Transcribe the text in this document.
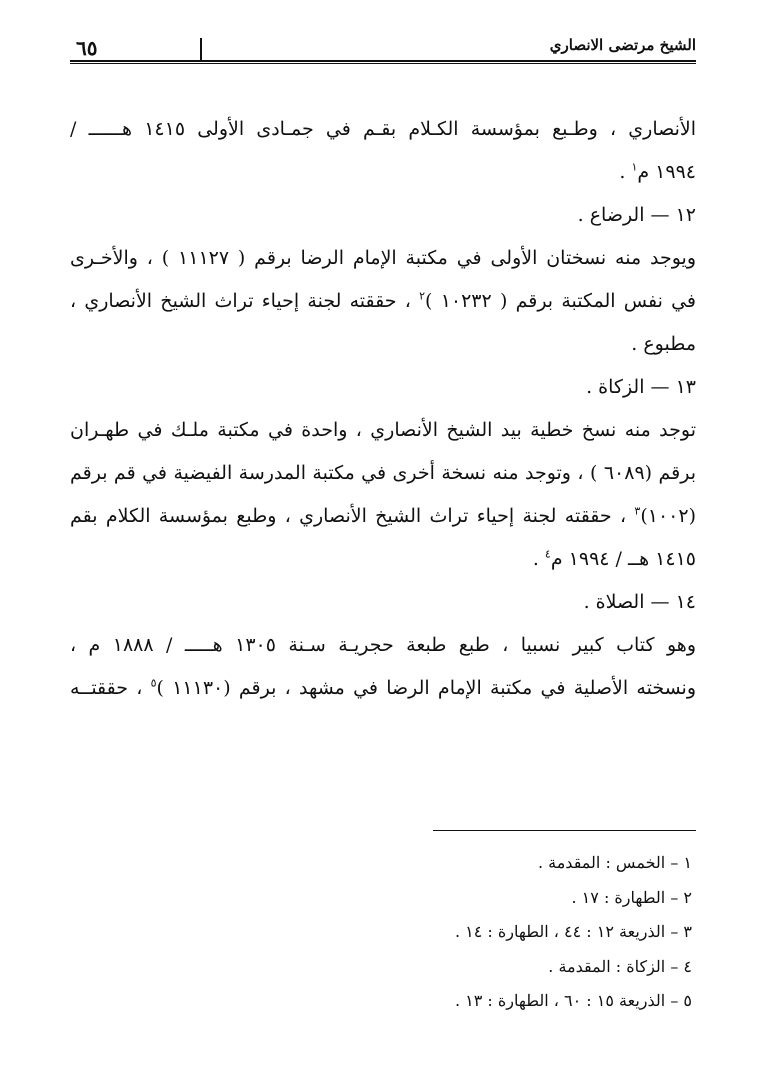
الشيخ مرتضى الانصاري
٦٥
الأنصاري ، وطـبع بمؤسسة الكـلام بقـم في جمـادى الأولى ١٤١٥ هــــــ /
١٩٩٤ م$^١$ .
١٢ — الرضاع .
ويوجد منه نسختان الأولى في مكتبة الإمام الرضا برقم ( ١١١٢٧ ) ، والأخـرى
في نفس المكتبة برقم ( ١٠٢٣٢ )$^٢$ ، حققته لجنة إحياء تراث الشيخ الأنصاري ،
مطبوع .
١٣ — الزكاة .
توجد منه نسخ خطية بيد الشيخ الأنصاري ، واحدة في مكتبة ملـك في طهـران
برقم (٦٠٨٩ ) ، وتوجد منه نسخة أخرى في مكتبة المدرسة الفيضية في قم برقم
(١٠٠٢)$^٣$ ، حققته لجنة إحياء تراث الشيخ الأنصاري ، وطبع بمؤسسة الكلام بقم
١٤١٥ هــ / ١٩٩٤ م$^٤$ .
١٤ — الصلاة .
وهو كتاب كبير نسبيا ، طبع طبعة حجريـة سـنة ١٣٠٥ هـــــ / ١٨٨٨ م ،
ونسخته الأصلية في مكتبة الإمام الرضا في مشهد ، برقم (١١١٣٠ )$^٥$ ، حققتــه
١ – الخمس : المقدمة .
٢ – الطهارة : ١٧ .
٣ – الذريعة ١٢ : ٤٤ ، الطهارة : ١٤ .
٤ – الزكاة : المقدمة .
٥ – الذريعة ١٥ : ٦٠ ، الطهارة : ١٣ .
